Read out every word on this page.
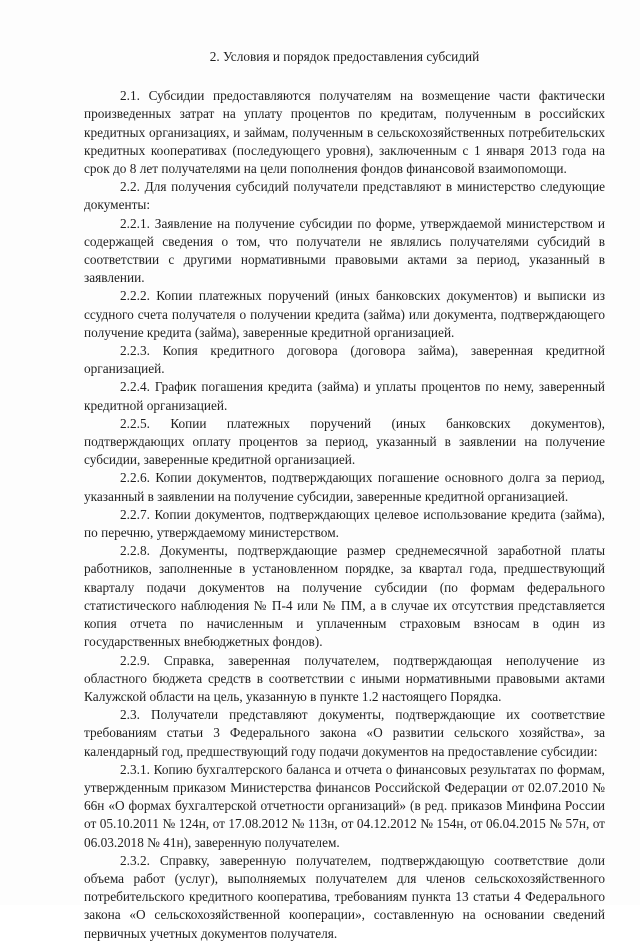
2. Условия и порядок предоставления субсидий

2.1. Субсидии предоставляются получателям на возмещение части фактически произведенных затрат на уплату процентов по кредитам, полученным в российских кредитных организациях, и займам, полученным в сельскохозяйственных потребительских кредитных кооперативах (последующего уровня), заключенным с 1 января 2013 года на срок до 8 лет получателями на цели пополнения фондов финансовой взаимопомощи.

2.2. Для получения субсидий получатели представляют в министерство следующие документы:

2.2.1. Заявление на получение субсидии по форме, утверждаемой министерством и содержащей сведения о том, что получатели не являлись получателями субсидий в соответствии с другими нормативными правовыми актами за период, указанный в заявлении.

2.2.2. Копии платежных поручений (иных банковских документов) и выписки из ссудного счета получателя о получении кредита (займа) или документа, подтверждающего получение кредита (займа), заверенные кредитной организацией.

2.2.3. Копия кредитного договора (договора займа), заверенная кредитной организацией.

2.2.4. График погашения кредита (займа) и уплаты процентов по нему, заверенный кредитной организацией.

2.2.5. Копии платежных поручений (иных банковских документов), подтверждающих оплату процентов за период, указанный в заявлении на получение субсидии, заверенные кредитной организацией.

2.2.6. Копии документов, подтверждающих погашение основного долга за период, указанный в заявлении на получение субсидии, заверенные кредитной организацией.

2.2.7. Копии документов, подтверждающих целевое использование кредита (займа), по перечню, утверждаемому министерством.

2.2.8. Документы, подтверждающие размер среднемесячной заработной платы работников, заполненные в установленном порядке, за квартал года, предшествующий кварталу подачи документов на получение субсидии (по формам федерального статистического наблюдения № П-4 или № ПМ, а в случае их отсутствия представляется копия отчета по начисленным и уплаченным страховым взносам в один из государственных внебюджетных фондов).

2.2.9. Справка, заверенная получателем, подтверждающая неполучение из областного бюджета средств в соответствии с иными нормативными правовыми актами Калужской области на цель, указанную в пункте 1.2 настоящего Порядка.

2.3. Получатели представляют документы, подтверждающие их соответствие требованиям статьи 3 Федерального закона «О развитии сельского хозяйства», за календарный год, предшествующий году подачи документов на предоставление субсидии:

2.3.1. Копию бухгалтерского баланса и отчета о финансовых результатах по формам, утвержденным приказом Министерства финансов Российской Федерации от 02.07.2010 № 66н «О формах бухгалтерской отчетности организаций» (в ред. приказов Минфина России от 05.10.2011 № 124н, от 17.08.2012 № 113н, от 04.12.2012 № 154н, от 06.04.2015 № 57н, от 06.03.2018 № 41н), заверенную получателем.

2.3.2. Справку, заверенную получателем, подтверждающую соответствие доли объема работ (услуг), выполняемых получателем для членов сельскохозяйственного потребительского кредитного кооператива, требованиям пункта 13 статьи 4 Федерального закона «О сельскохозяйственной кооперации», составленную на основании сведений первичных учетных документов получателя.
